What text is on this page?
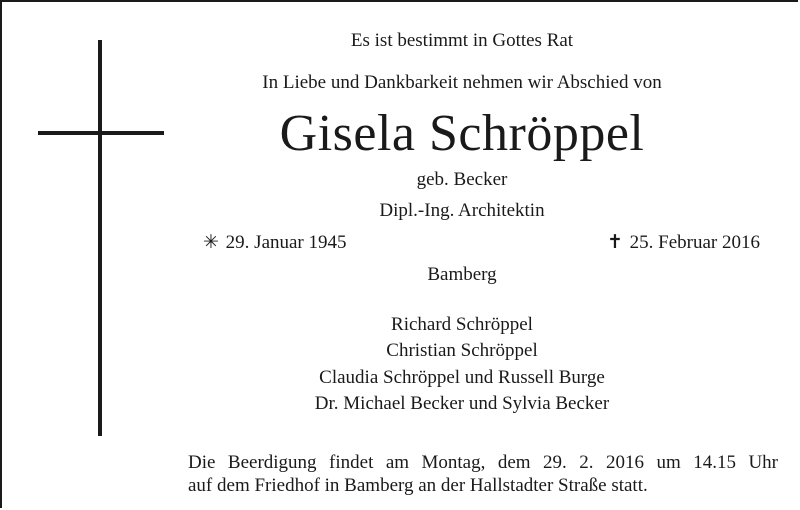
Es ist bestimmt in Gottes Rat
In Liebe und Dankbarkeit nehmen wir Abschied von
Gisela Schröppel
geb. Becker
Dipl.-Ing. Architektin
✳ 29. Januar 1945	✝ 25. Februar 2016
Bamberg
Richard Schröppel
Christian Schröppel
Claudia Schröppel und Russell Burge
Dr. Michael Becker und Sylvia Becker
Die Beerdigung findet am Montag, dem 29. 2. 2016 um 14.15 Uhr
auf dem Friedhof in Bamberg an der Hallstadter Straße statt.
